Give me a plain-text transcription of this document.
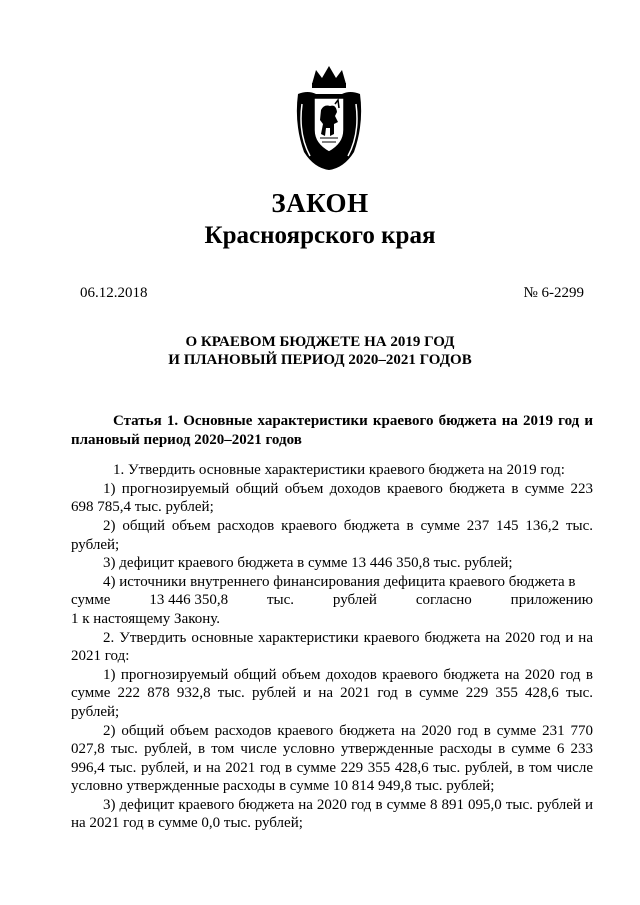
ЗАКОН
Красноярского края
06.12.2018	№ 6-2299
О КРАЕВОМ БЮДЖЕТЕ НА 2019 ГОД
И ПЛАНОВЫЙ ПЕРИОД 2020–2021 ГОДОВ

Статья 1. Основные характеристики краевого бюджета на 2019 год и плановый период 2020–2021 годов

1. Утвердить основные характеристики краевого бюджета на 2019 год:

1) прогнозируемый общий объем доходов краевого бюджета в сумме 223 698 785,4 тыс. рублей;

2) общий объем расходов краевого бюджета в сумме 237 145 136,2 тыс. рублей;

3) дефицит краевого бюджета в сумме 13 446 350,8 тыс. рублей;

4) источники внутреннего финансирования дефицита краевого бюджета в

сумме	13 446 350,8	тыс.	рублей	согласно	приложению

1 к настоящему Закону.

2. Утвердить основные характеристики краевого бюджета на 2020 год и на 2021 год:

1) прогнозируемый общий объем доходов краевого бюджета на 2020 год в сумме 222 878 932,8 тыс. рублей и на 2021 год в сумме 229 355 428,6 тыс. рублей;

2) общий объем расходов краевого бюджета на 2020 год в сумме 231 770 027,8 тыс. рублей, в том числе условно утвержденные расходы в сумме 6 233 996,4 тыс. рублей, и на 2021 год в сумме 229 355 428,6 тыс. рублей, в том числе условно утвержденные расходы в сумме 10 814 949,8 тыс. рублей;

3) дефицит краевого бюджета на 2020 год в сумме 8 891 095,0 тыс. рублей и на 2021 год в сумме 0,0 тыс. рублей;
